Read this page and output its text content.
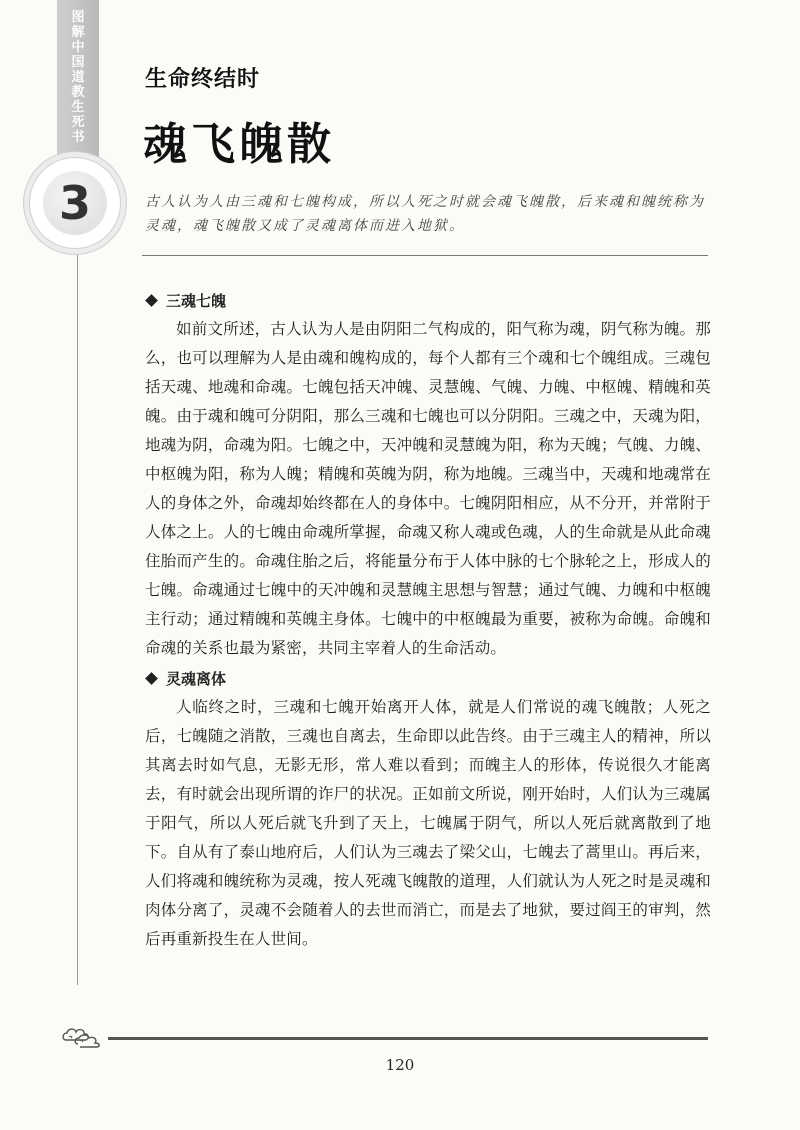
图
解
中
国
道
教
生
死
书
3
生命终结时
魂飞魄散
古人认为人由三魂和七魄构成，所以人死之时就会魂飞魄散，后来魂和魄统称为灵魂，魂飞魄散又成了灵魂离体而进入地狱。
三魂七魄

如前文所述，古人认为人是由阴阳二气构成的，阳气称为魂，阴气称为魄。那么，也可以理解为人是由魂和魄构成的，每个人都有三个魂和七个魄组成。三魂包括天魂、地魂和命魂。七魄包括天冲魄、灵慧魄、气魄、力魄、中枢魄、精魄和英魄。由于魂和魄可分阴阳，那么三魂和七魄也可以分阴阳。三魂之中，天魂为阳，地魂为阴，命魂为阳。七魄之中，天冲魄和灵慧魄为阳，称为天魄；气魄、力魄、中枢魄为阳，称为人魄；精魄和英魄为阴，称为地魄。三魂当中，天魂和地魂常在人的身体之外，命魂却始终都在人的身体中。七魄阴阳相应，从不分开，并常附于人体之上。人的七魄由命魂所掌握，命魂又称人魂或色魂，人的生命就是从此命魂住胎而产生的。命魂住胎之后，将能量分布于人体中脉的七个脉轮之上，形成人的七魄。命魂通过七魄中的天冲魄和灵慧魄主思想与智慧；通过气魄、力魄和中枢魄主行动；通过精魄和英魄主身体。七魄中的中枢魄最为重要，被称为命魄。命魄和命魂的关系也最为紧密，共同主宰着人的生命活动。

灵魂离体

人临终之时，三魂和七魄开始离开人体，就是人们常说的魂飞魄散；人死之后，七魄随之消散，三魂也自离去，生命即以此告终。由于三魂主人的精神，所以其离去时如气息，无影无形，常人难以看到；而魄主人的形体，传说很久才能离去，有时就会出现所谓的诈尸的状况。正如前文所说，刚开始时，人们认为三魂属于阳气，所以人死后就飞升到了天上，七魄属于阴气，所以人死后就离散到了地下。自从有了泰山地府后，人们认为三魂去了梁父山，七魄去了蒿里山。再后来，人们将魂和魄统称为灵魂，按人死魂飞魄散的道理，人们就认为人死之时是灵魂和肉体分离了，灵魂不会随着人的去世而消亡，而是去了地狱，要过阎王的审判，然后再重新投生在人世间。

120
